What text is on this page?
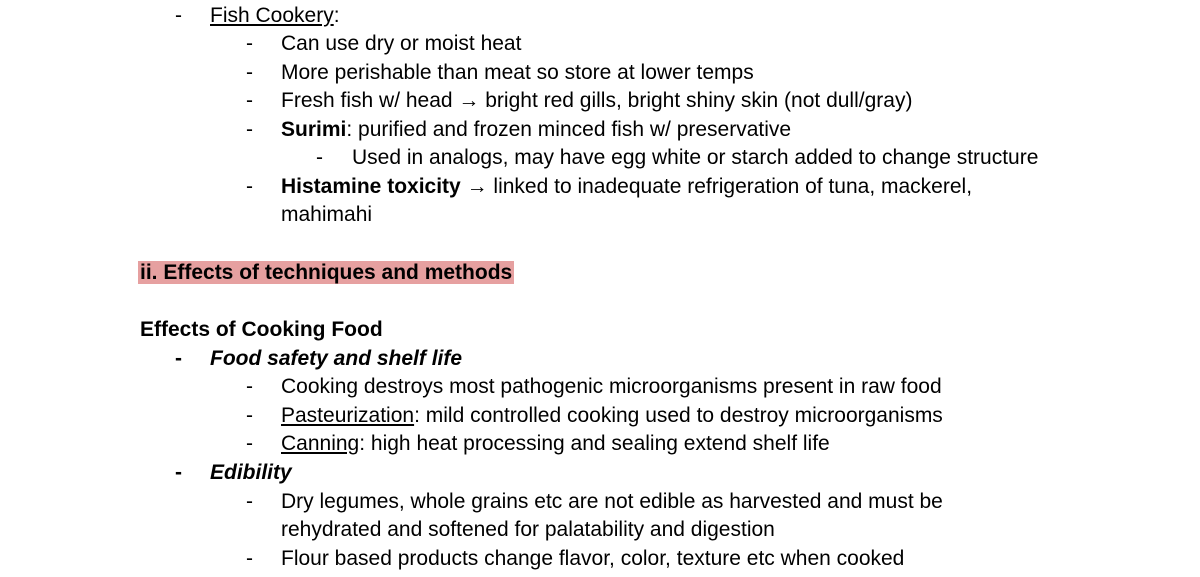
- Fish Cookery:
- Can use dry or moist heat
- More perishable than meat so store at lower temps
- Fresh fish w/ head → bright red gills, bright shiny skin (not dull/gray)
- Surimi: purified and frozen minced fish w/ preservative
- Used in analogs, may have egg white or starch added to change structure
- Histamine toxicity → linked to inadequate refrigeration of tuna, mackerel,
mahimahi
ii. Effects of techniques and methods
Effects of Cooking Food
- Food safety and shelf life
- Cooking destroys most pathogenic microorganisms present in raw food
- Pasteurization: mild controlled cooking used to destroy microorganisms
- Canning: high heat processing and sealing extend shelf life
- Edibility
- Dry legumes, whole grains etc are not edible as harvested and must be
rehydrated and softened for palatability and digestion
- Flour based products change flavor, color, texture etc when cooked
